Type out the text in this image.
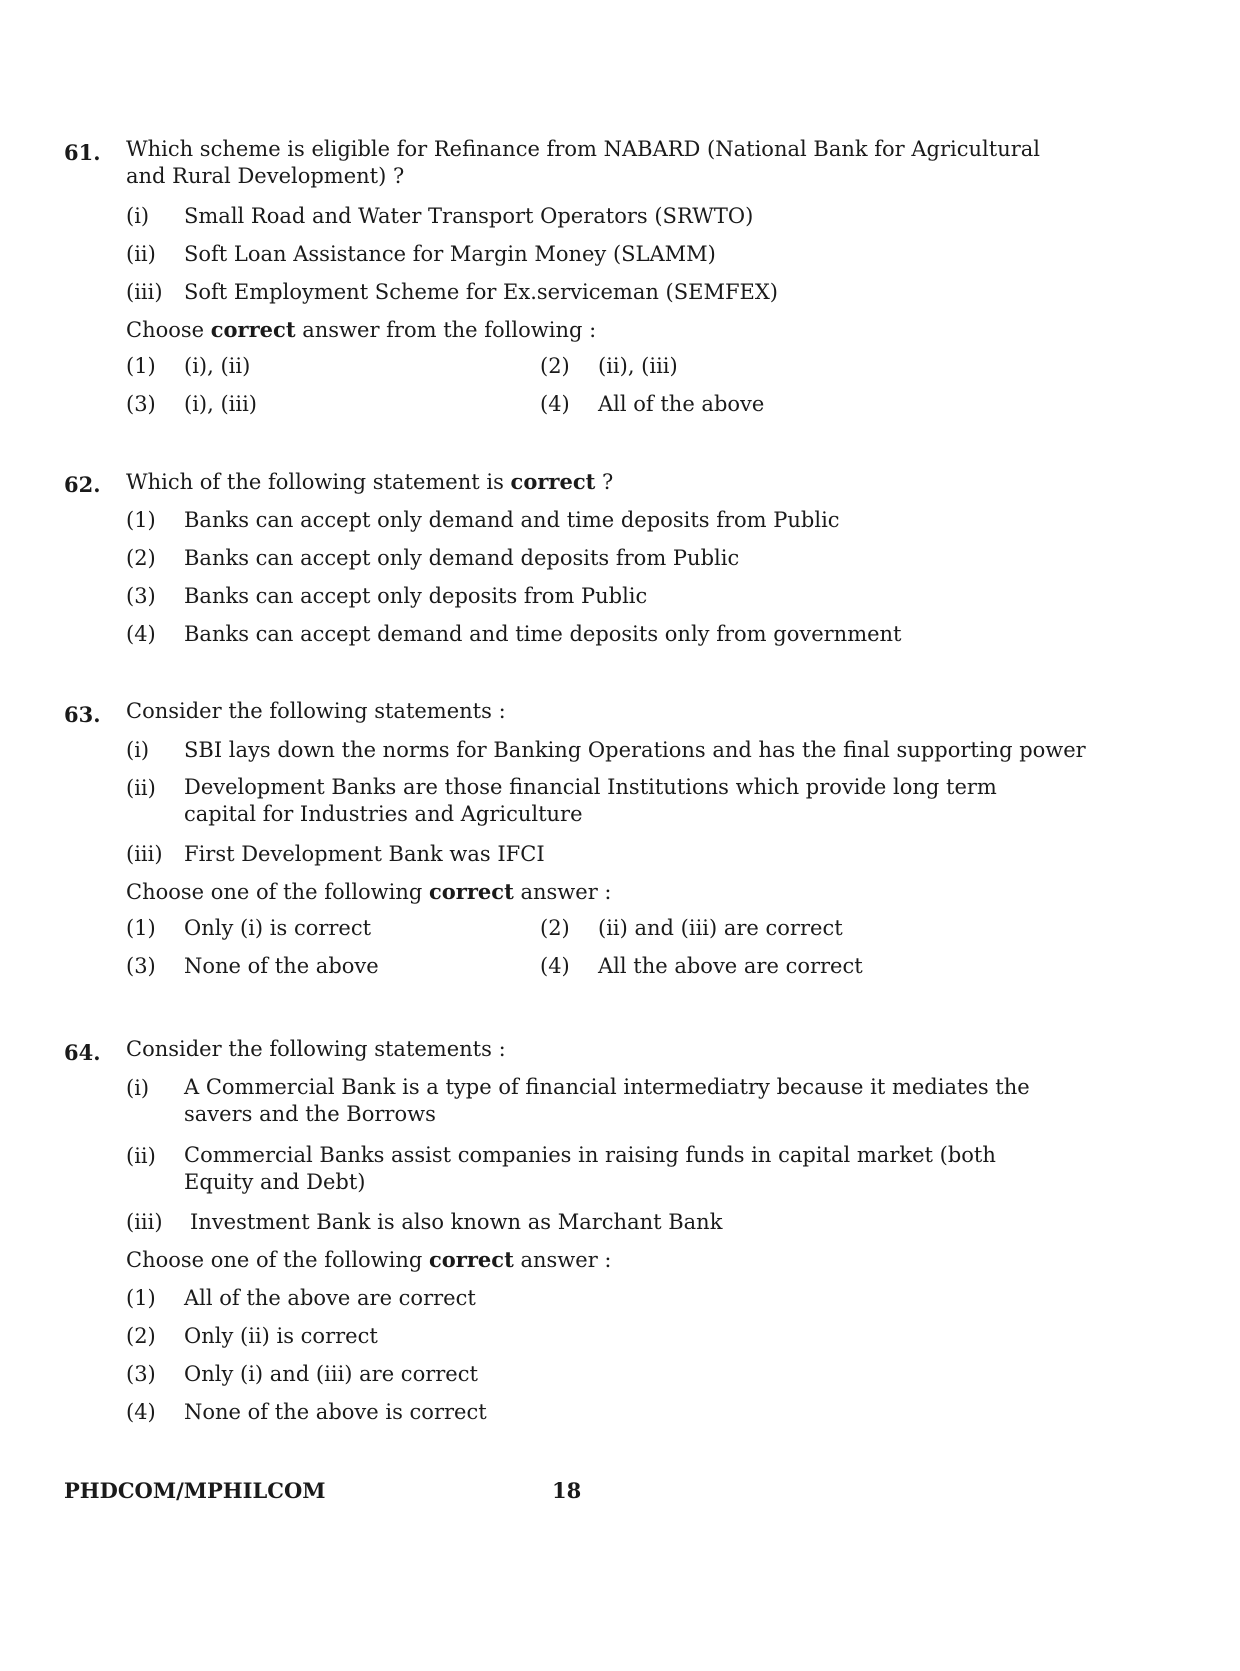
61. Which scheme is eligible for Refinance from NABARD (National Bank for Agricultural and Rural Development) ?
(i) Small Road and Water Transport Operators (SRWTO)
(ii) Soft Loan Assistance for Margin Money (SLAMM)
(iii) Soft Employment Scheme for Ex.serviceman (SEMFEX)
Choose correct answer from the following :
(1) (i), (ii)	(2) (ii), (iii)
(3) (i), (iii)	(4) All of the above
62. Which of the following statement is correct ?
(1) Banks can accept only demand and time deposits from Public
(2) Banks can accept only demand deposits from Public
(3) Banks can accept only deposits from Public
(4) Banks can accept demand and time deposits only from government
63. Consider the following statements :
(i) SBI lays down the norms for Banking Operations and has the final supporting power
(ii) Development Banks are those financial Institutions which provide long term capital for Industries and Agriculture
(iii) First Development Bank was IFCI
Choose one of the following correct answer :
(1) Only (i) is correct	(2) (ii) and (iii) are correct
(3) None of the above	(4) All the above are correct
64. Consider the following statements :
(i) A Commercial Bank is a type of financial intermediatry because it mediates the savers and the Borrows
(ii) Commercial Banks assist companies in raising funds in capital market (both Equity and Debt)
(iii) Investment Bank is also known as Marchant Bank
Choose one of the following correct answer :
(1) All of the above are correct
(2) Only (ii) is correct
(3) Only (i) and (iii) are correct
(4) None of the above is correct
PHDCOM/MPHILCOM	18
